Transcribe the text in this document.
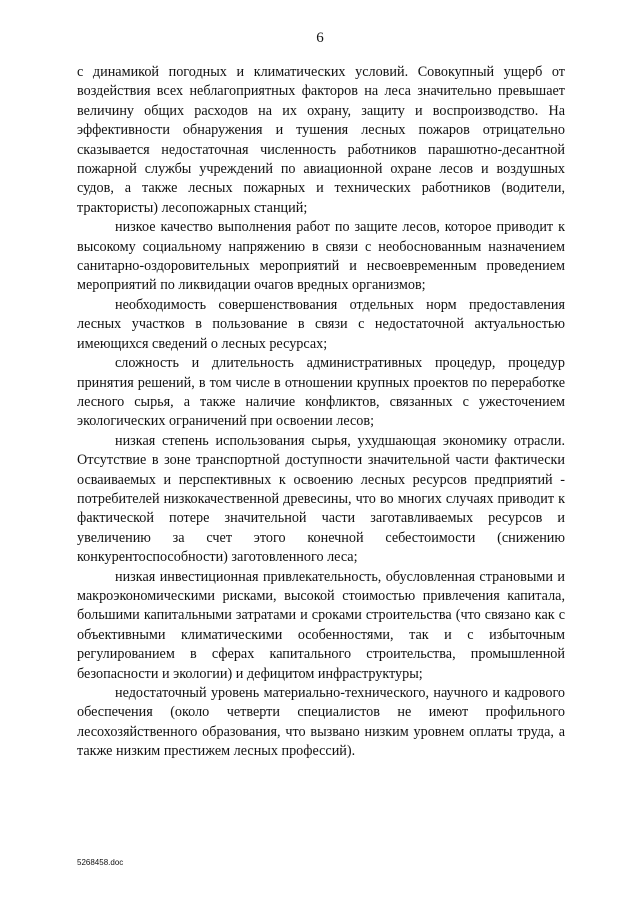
6

с динамикой погодных и климатических условий. Совокупный ущерб от воздействия всех неблагоприятных факторов на леса значительно превышает величину общих расходов на их охрану, защиту и воспроизводство. На эффективности обнаружения и тушения лесных пожаров отрицательно сказывается недостаточная численность работников парашютно-десантной пожарной службы учреждений по авиационной охране лесов и воздушных судов, а также лесных пожарных и технических работников (водители, трактористы) лесопожарных станций;

низкое качество выполнения работ по защите лесов, которое приводит к высокому социальному напряжению в связи с необоснованным назначением санитарно-оздоровительных мероприятий и несвоевременным проведением мероприятий по ликвидации очагов вредных организмов;

необходимость совершенствования отдельных норм предоставления лесных участков в пользование в связи с недостаточной актуальностью имеющихся сведений о лесных ресурсах;

сложность и длительность административных процедур, процедур принятия решений, в том числе в отношении крупных проектов по переработке лесного сырья, а также наличие конфликтов, связанных с ужесточением экологических ограничений при освоении лесов;

низкая степень использования сырья, ухудшающая экономику отрасли. Отсутствие в зоне транспортной доступности значительной части фактически осваиваемых и перспективных к освоению лесных ресурсов предприятий - потребителей низкокачественной древесины, что во многих случаях приводит к фактической потере значительной части заготавливаемых ресурсов и увеличению за счет этого конечной себестоимости (снижению конкурентоспособности) заготовленного леса;

низкая инвестиционная привлекательность, обусловленная страновыми и макроэкономическими рисками, высокой стоимостью привлечения капитала, большими капитальными затратами и сроками строительства (что связано как с объективными климатическими особенностями, так и с избыточным регулированием в сферах капитального строительства, промышленной безопасности и экологии) и дефицитом инфраструктуры;

недостаточный уровень материально-технического, научного и кадрового обеспечения (около четверти специалистов не имеют профильного лесохозяйственного образования, что вызвано низким уровнем оплаты труда, а также низким престижем лесных профессий).

5268458.doc
